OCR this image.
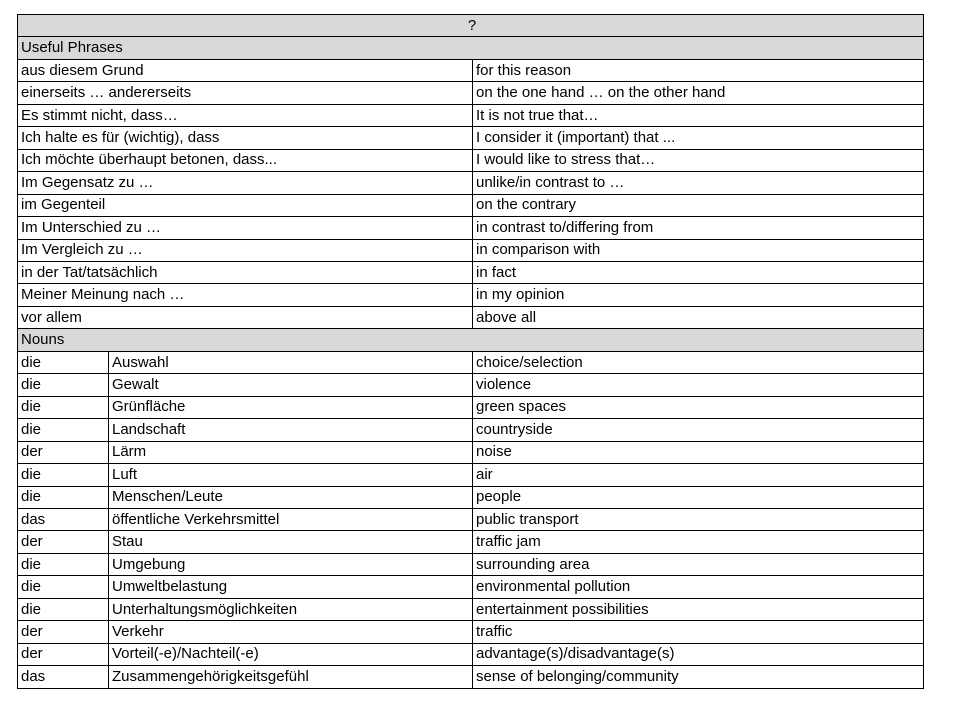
?		
Useful Phrases		
aus diesem Grund		for this reason
einerseits … andererseits		on the one hand … on the other hand
Es stimmt nicht, dass…		It is not true that…
Ich halte es für (wichtig), dass		I consider it (important) that ...
Ich möchte überhaupt betonen, dass...		I would like to stress that…
Im Gegensatz zu …		unlike/in contrast to …
im Gegenteil		on the contrary
Im Unterschied zu …		in contrast to/differing from
Im Vergleich zu …		in comparison with
in der Tat/tatsächlich		in fact
Meiner Meinung nach …		in my opinion
vor allem		above all
Nouns		
die	Auswahl	choice/selection
die	Gewalt	violence
die	Grünfläche	green spaces
die	Landschaft	countryside
der	Lärm	noise
die	Luft	air
die	Menschen/Leute	people
das	öffentliche Verkehrsmittel	public transport
der	Stau	traffic jam
die	Umgebung	surrounding area
die	Umweltbelastung	environmental pollution
die	Unterhaltungsmöglichkeiten	entertainment possibilities
der	Verkehr	traffic
der	Vorteil(-e)/Nachteil(-e)	advantage(s)/disadvantage(s)
das	Zusammengehörigkeitsgefühl	sense of belonging/community
